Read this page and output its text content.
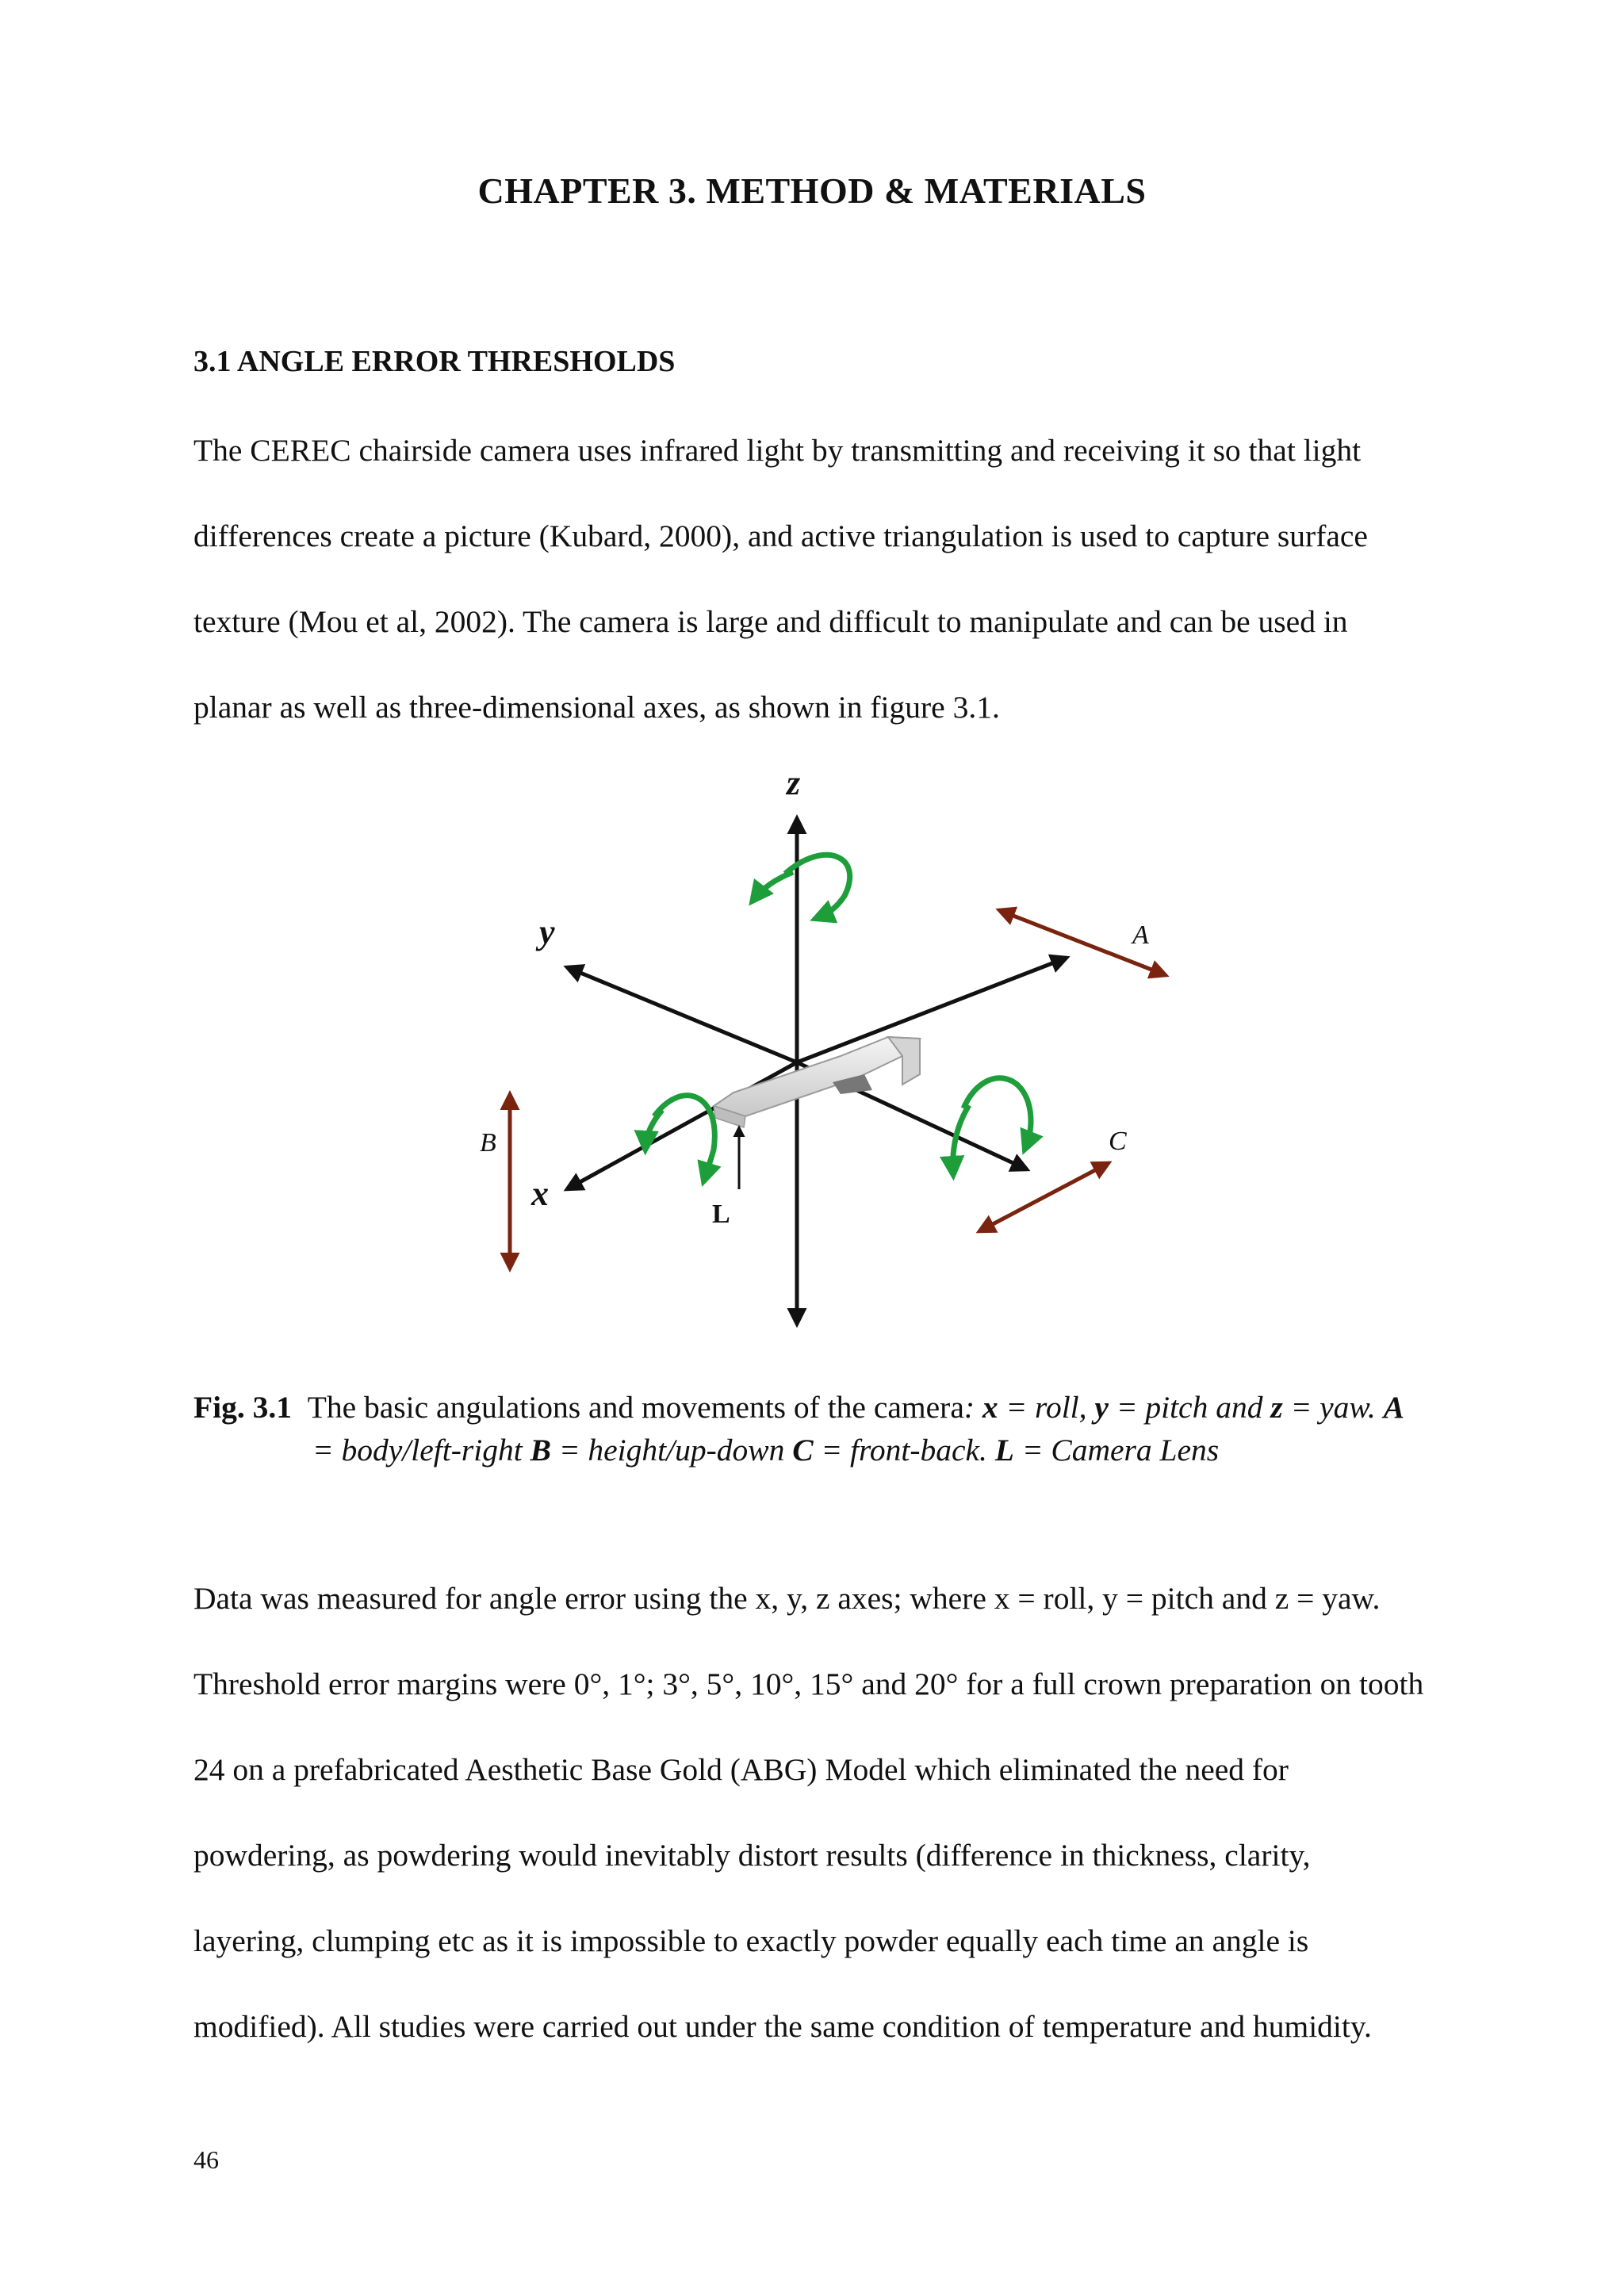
CHAPTER 3. METHOD & MATERIALS
3.1 ANGLE ERROR THRESHOLDS
The CEREC chairside camera uses infrared light by transmitting and receiving it so that light
differences create a picture (Kubard, 2000), and active triangulation is used to capture surface
texture (Mou et al, 2002). The camera is large and difficult to manipulate and can be used in
planar as well as three-dimensional axes, as shown in figure 3.1.
z
y
x
A
B	C
L
Fig. 3.1 The basic angulations and movements of the camera: x = roll, y = pitch and z = yaw. A
= body/left-right B = height/up-down C = front-back. L = Camera Lens
Data was measured for angle error using the x, y, z axes; where x = roll, y = pitch and z = yaw.
Threshold error margins were 0°, 1°; 3°, 5°, 10°, 15° and 20° for a full crown preparation on tooth
24 on a prefabricated Aesthetic Base Gold (ABG) Model which eliminated the need for
powdering, as powdering would inevitably distort results (difference in thickness, clarity,
layering, clumping etc as it is impossible to exactly powder equally each time an angle is
modified). All studies were carried out under the same condition of temperature and humidity.

46
